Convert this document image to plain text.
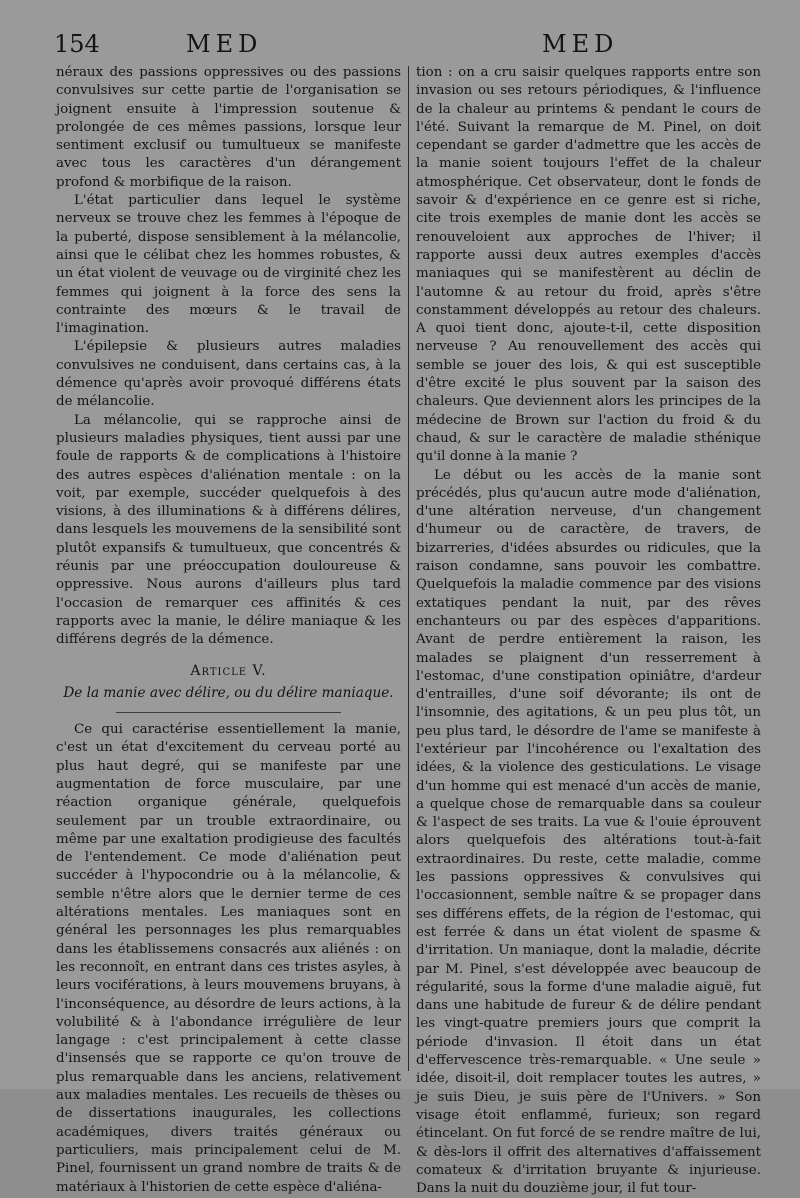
154	MED	MED

néraux des passions oppressives ou des passions convulsives sur cette partie de l'organisation se joignent ensuite à l'impression soutenue & prolongée de ces mêmes passions, lorsque leur sentiment exclusif ou tumultueux se manifeste avec tous les caractères d'un dérangement profond & morbifique de la raison.

L'état particulier dans lequel le système nerveux se trouve chez les femmes à l'époque de la puberté, dispose sensiblement à la mélancolie, ainsi que le célibat chez les hommes robustes, & un état violent de veuvage ou de virginité chez les femmes qui joignent à la force des sens la contrainte des mœurs & le travail de l'imagination.

L'épilepsie & plusieurs autres maladies convulsives ne conduisent, dans certains cas, à la démence qu'après avoir provoqué différens états de mélancolie.

La mélancolie, qui se rapproche ainsi de plusieurs maladies physiques, tient aussi par une foule de rapports & de complications à l'histoire des autres espèces d'aliénation mentale : on la voit, par exemple, succéder quelquefois à des visions, à des illuminations & à différens délires, dans lesquels les mouvemens de la sensibilité sont plutôt expansifs & tumultueux, que concentrés & réunis par une préoccupation douloureuse & oppressive. Nous aurons d'ailleurs plus tard l'occasion de remarquer ces affinités & ces rapports avec la manie, le délire maniaque & les différens degrés de la démence.

Article V.
De la manie avec délire, ou du délire maniaque.

Ce qui caractérise essentiellement la manie, c'est un état d'excitement du cerveau porté au plus haut degré, qui se manifeste par une augmentation de force musculaire, par une réaction organique générale, quelquefois seulement par un trouble extraordinaire, ou même par une exaltation prodigieuse des facultés de l'entendement. Ce mode d'aliénation peut succéder à l'hypocondrie ou à la mélancolie, & semble n'être alors que le dernier terme de ces altérations mentales. Les maniaques sont en général les personnages les plus remarquables dans les établissemens consacrés aux aliénés : on les reconnoît, en entrant dans ces tristes asyles, à leurs vociférations, à leurs mouvemens bruyans, à l'inconséquence, au désordre de leurs actions, à la volubilité & à l'abondance irrégulière de leur langage : c'est principalement à cette classe d'insensés que se rapporte ce qu'on trouve de plus remarquable dans les anciens, relativement aux maladies mentales. Les recueils de thèses ou de dissertations inaugurales, les collections académiques, divers traités généraux ou particuliers, mais principalement celui de M. Pinel, fournissent un grand nombre de traits & de matériaux à l'historien de cette espèce d'aliéna-

tion : on a cru saisir quelques rapports entre son invasion ou ses retours périodiques, & l'influence de la chaleur au printems & pendant le cours de l'été. Suivant la remarque de M. Pinel, on doit cependant se garder d'admettre que les accès de la manie soient toujours l'effet de la chaleur atmosphérique. Cet observateur, dont le fonds de savoir & d'expérience en ce genre est si riche, cite trois exemples de manie dont les accès se renouveloient aux approches de l'hiver; il rapporte aussi deux autres exemples d'accès maniaques qui se manifestèrent au déclin de l'automne & au retour du froid, après s'être constamment développés au retour des chaleurs. A quoi tient donc, ajoute-t-il, cette disposition nerveuse ? Au renouvellement des accès qui semble se jouer des lois, & qui est susceptible d'être excité le plus souvent par la saison des chaleurs. Que deviennent alors les principes de la médecine de Brown sur l'action du froid & du chaud, & sur le caractère de maladie sthénique qu'il donne à la manie ?

Le début ou les accès de la manie sont précédés, plus qu'aucun autre mode d'aliénation, d'une altération nerveuse, d'un changement d'humeur ou de caractère, de travers, de bizarreries, d'idées absurdes ou ridicules, que la raison condamne, sans pouvoir les combattre. Quelquefois la maladie commence par des visions extatiques pendant la nuit, par des rêves enchanteurs ou par des espèces d'apparitions. Avant de perdre entièrement la raison, les malades se plaignent d'un resserrement à l'estomac, d'une constipation opiniâtre, d'ardeur d'entrailles, d'une soif dévorante; ils ont de l'insomnie, des agitations, & un peu plus tôt, un peu plus tard, le désordre de l'ame se manifeste à l'extérieur par l'incohérence ou l'exaltation des idées, & la violence des gesticulations. Le visage d'un homme qui est menacé d'un accès de manie, a quelque chose de remarquable dans sa couleur & l'aspect de ses traits. La vue & l'ouie éprouvent alors quelquefois des altérations tout-à-fait extraordinaires. Du reste, cette maladie, comme les passions oppressives & convulsives qui l'occasionnent, semble naître & se propager dans ses différens effets, de la région de l'estomac, qui est ferrée & dans un état violent de spasme & d'irritation. Un maniaque, dont la maladie, décrite par M. Pinel, s'est développée avec beaucoup de régularité, sous la forme d'une maladie aiguë, fut dans une habitude de fureur & de délire pendant les vingt-quatre premiers jours que comprit la période d'invasion. Il étoit dans un état d'effervescence très-remarquable. « Une seule » idée, disoit-il, doit remplacer toutes les autres, » je suis Dieu, je suis père de l'Univers. » Son visage étoit enflammé, furieux; son regard étincelant. On fut forcé de se rendre maître de lui, & dès-lors il offrit des alternatives d'affaissement comateux & d'irritation bruyante & injurieuse. Dans la nuit du douzième jour, il fut tour-
